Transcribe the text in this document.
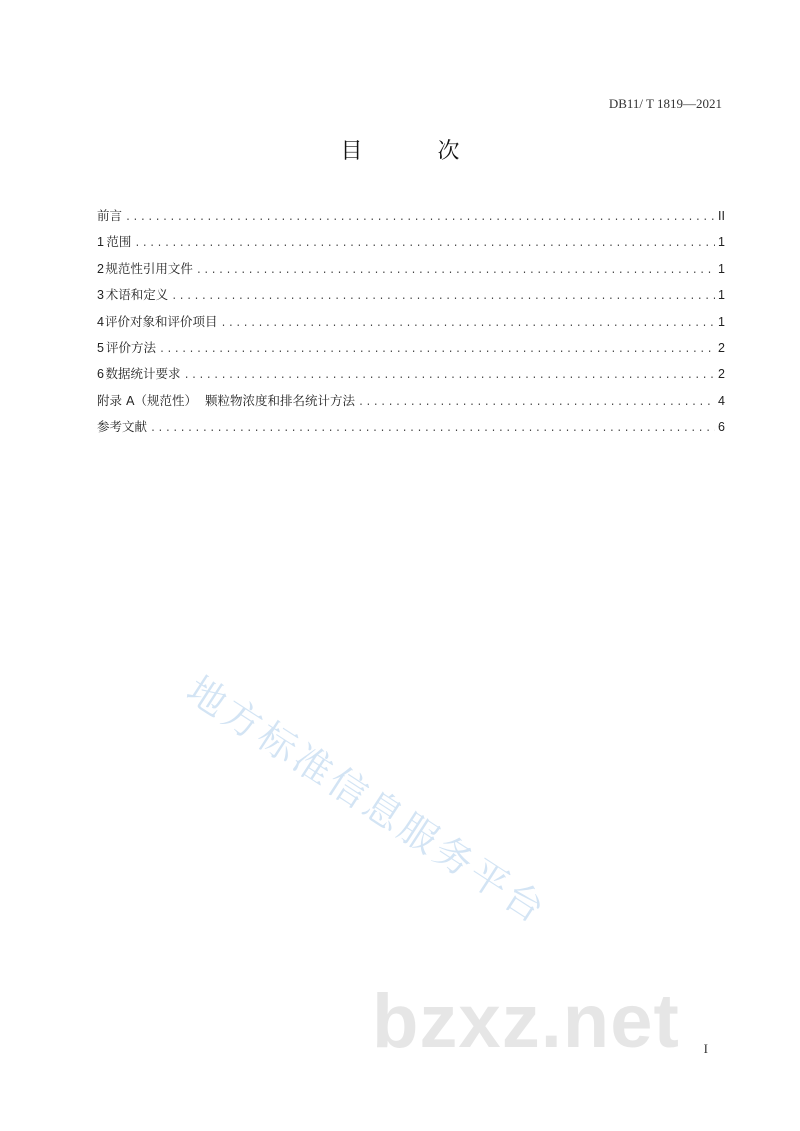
DB11/ T 1819—2021
目 次
前言 .....	II
1 范围 .....	1
2 规范性引用文件 .....	1
3 术语和定义 .....	1
4 评价对象和评价项目 .....	1
5 评价方法 .....	2
6 数据统计要求 .....	2
附录 A（规范性）  颗粒物浓度和排名统计方法 .....	4
参考文献 .....	6
地方标准信息服务平台
bzxz.net I
